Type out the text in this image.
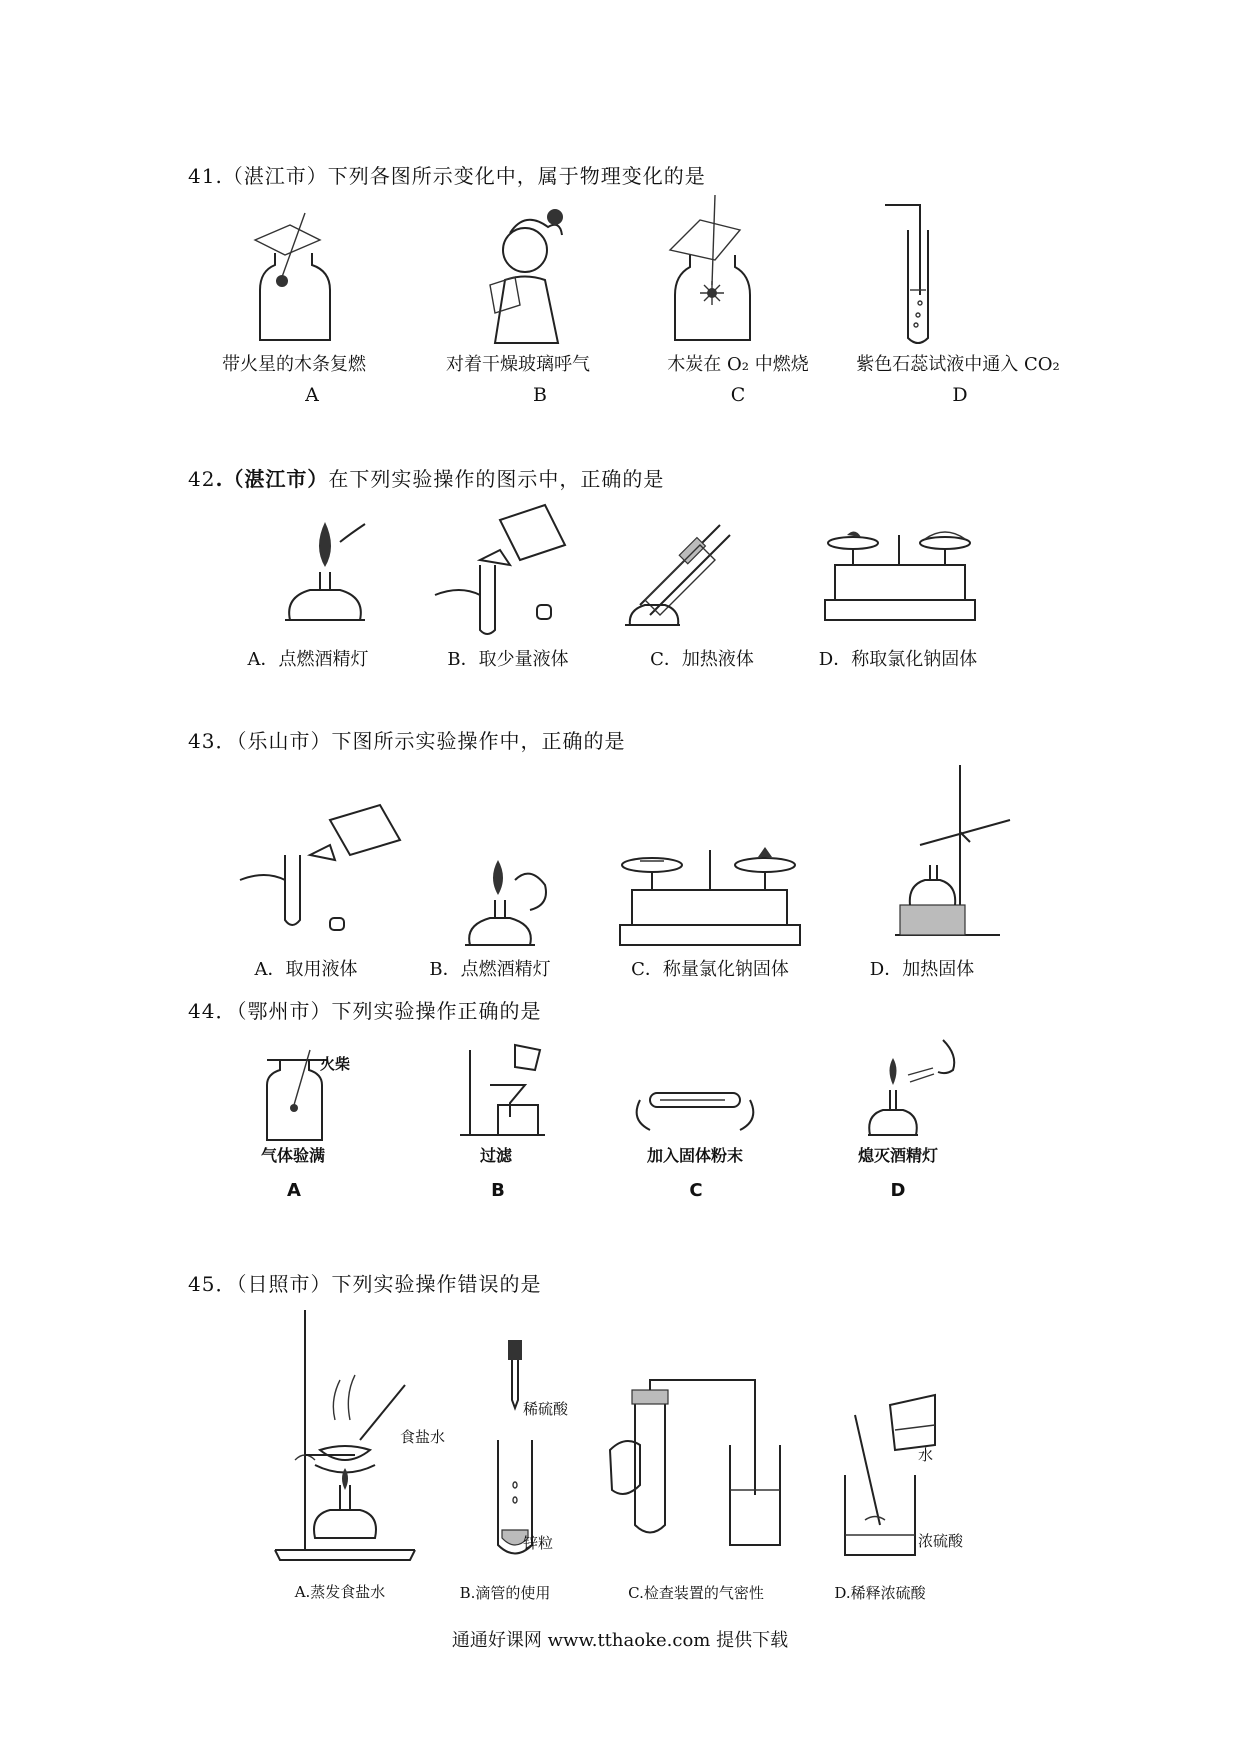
41.（湛江市）下列各图所示变化中，属于物理变化的是
带火星的木条复燃
A
对着干燥玻璃呼气
B
木炭在 O₂ 中燃烧
C
紫色石蕊试液中通入 CO₂
D
42.（湛江市）在下列实验操作的图示中，正确的是
A．点燃酒精灯	B．取少量液体	C．加热液体	D．称取氯化钠固体
43．（乐山市）下图所示实验操作中，正确的是
A．取用液体	B．点燃酒精灯	C．称量氯化钠固体	D．加热固体
44．（鄂州市）下列实验操作正确的是
火柴
气体验满
A
过滤
B
加入固体粉末
C
熄灭酒精灯
D
45．（日照市）下列实验操作错误的是
食盐水
A.蒸发食盐水
稀硫酸
锌粒
B.滴管的使用	C.检查装置的气密性
水
浓硫酸
D.稀释浓硫酸
通通好课网 www.tthaoke.com 提供下载
